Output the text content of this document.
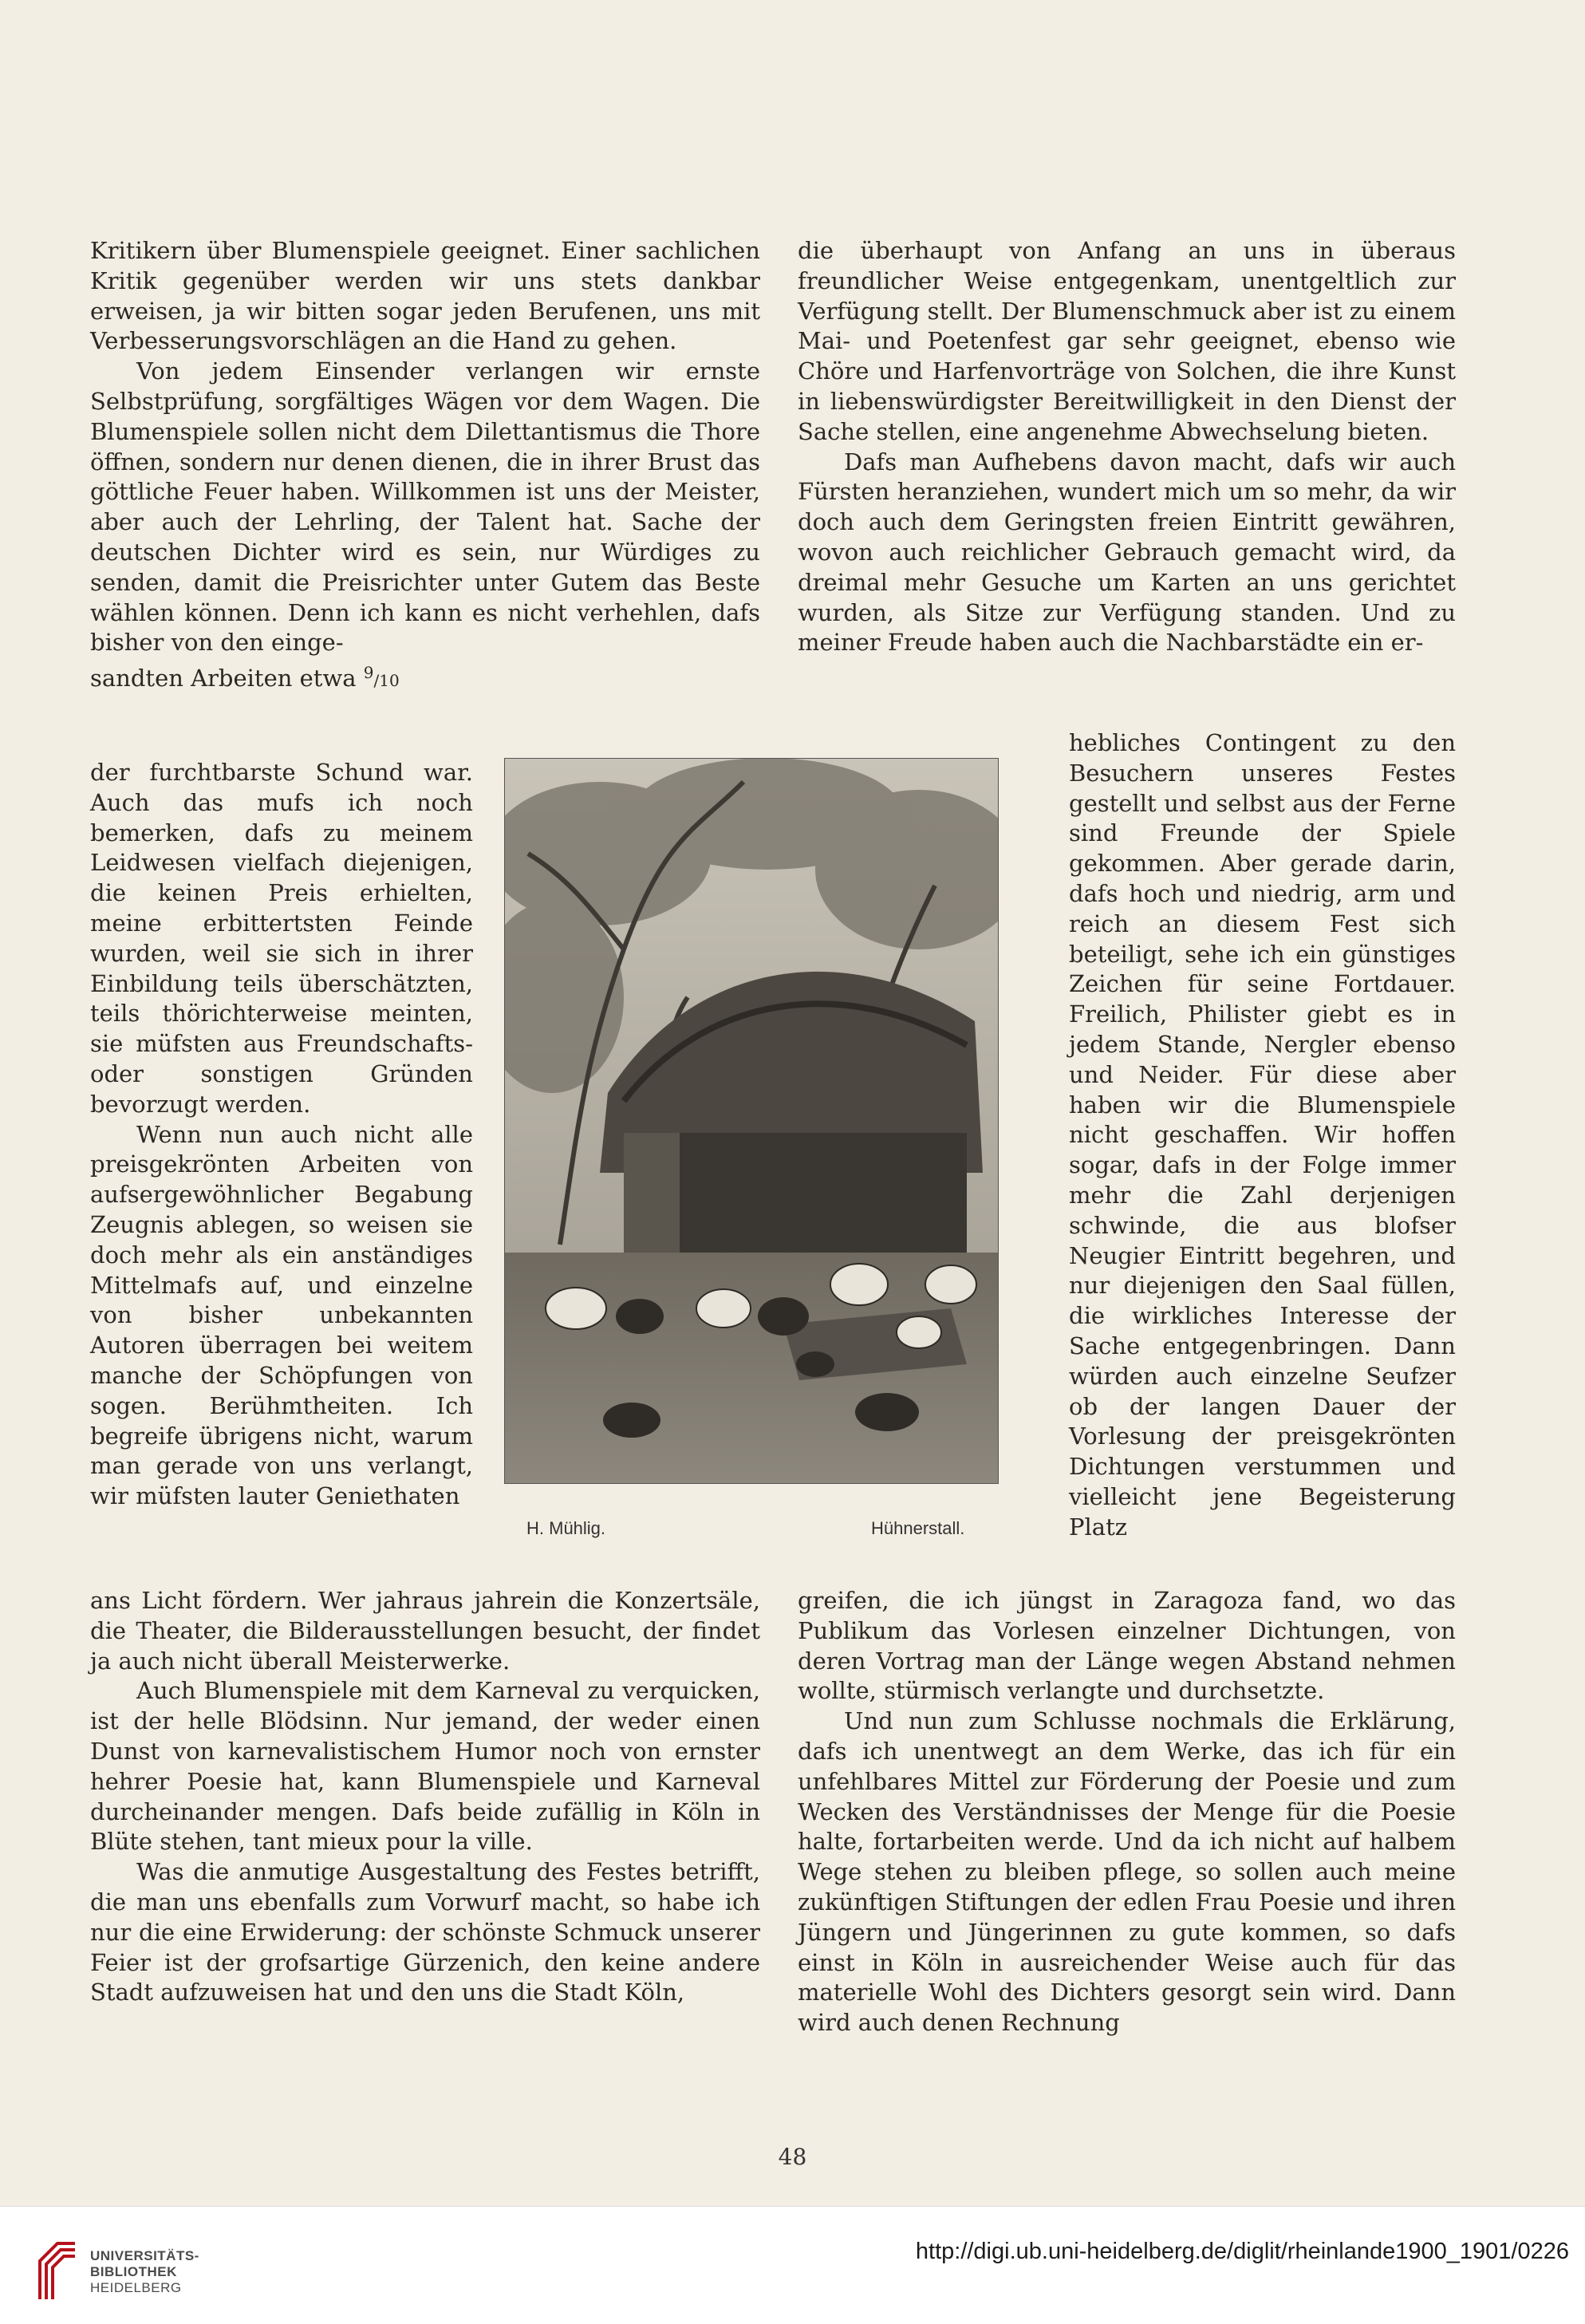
Kritikern über Blumenspiele geeignet. Einer sachlichen Kritik gegenüber werden wir uns stets dankbar erweisen, ja wir bitten sogar jeden Berufenen, uns mit Verbesserungsvorschlägen an die Hand zu gehen.

Von jedem Einsender verlangen wir ernste Selbstprüfung, sorgfältiges Wägen vor dem Wagen. Die Blumenspiele sollen nicht dem Dilettantismus die Thore öffnen, sondern nur denen dienen, die in ihrer Brust das göttliche Feuer haben. Willkommen ist uns der Meister, aber auch der Lehrling, der Talent hat. Sache der deutschen Dichter wird es sein, nur Würdiges zu senden, damit die Preisrichter unter Gutem das Beste wählen können. Denn ich kann es nicht verhehlen, dafs bisher von den einge-

sandten Arbeiten etwa $^9$/10

der furchtbarste Schund war. Auch das mufs ich noch bemerken, dafs zu meinem Leidwesen vielfach diejenigen, die keinen Preis erhielten, meine erbittertsten Feinde wurden, weil sie sich in ihrer Einbildung teils überschätzten, teils thörichterweise meinten, sie müfsten aus Freundschafts- oder sonstigen Gründen bevorzugt werden.

Wenn nun auch nicht alle preisgekrönten Arbeiten von aufsergewöhnlicher Begabung Zeugnis ablegen, so weisen sie doch mehr als ein anständiges Mittelmafs auf, und einzelne von bisher unbekannten Autoren überragen bei weitem manche der Schöpfungen von sogen. Berühmtheiten. Ich begreife übrigens nicht, warum man gerade von uns verlangt, wir müfsten lauter Geniethaten

ans Licht fördern. Wer jahraus jahrein die Konzertsäle, die Theater, die Bilderausstellungen besucht, der findet ja auch nicht überall Meisterwerke.

Auch Blumenspiele mit dem Karneval zu verquicken, ist der helle Blödsinn. Nur jemand, der weder einen Dunst von karnevalistischem Humor noch von ernster hehrer Poesie hat, kann Blumenspiele und Karneval durcheinander mengen. Dafs beide zufällig in Köln in Blüte stehen, tant mieux pour la ville.

Was die anmutige Ausgestaltung des Festes betrifft, die man uns ebenfalls zum Vorwurf macht, so habe ich nur die eine Erwiderung: der schönste Schmuck unserer Feier ist der grofsartige Gürzenich, den keine andere Stadt aufzuweisen hat und den uns die Stadt Köln,

die überhaupt von Anfang an uns in überaus freundlicher Weise entgegenkam, unentgeltlich zur Verfügung stellt. Der Blumenschmuck aber ist zu einem Mai- und Poetenfest gar sehr geeignet, ebenso wie Chöre und Harfenvorträge von Solchen, die ihre Kunst in liebenswürdigster Bereitwilligkeit in den Dienst der Sache stellen, eine angenehme Abwechselung bieten.

Dafs man Aufhebens davon macht, dafs wir auch Fürsten heranziehen, wundert mich um so mehr, da wir doch auch dem Geringsten freien Eintritt gewähren, wovon auch reichlicher Gebrauch gemacht wird, da dreimal mehr Gesuche um Karten an uns gerichtet wurden, als Sitze zur Verfügung standen. Und zu meiner Freude haben auch die Nachbarstädte ein er-

hebliches Contingent zu den Besuchern unseres Festes gestellt und selbst aus der Ferne sind Freunde der Spiele gekommen. Aber gerade darin, dafs hoch und niedrig, arm und reich an diesem Fest sich beteiligt, sehe ich ein günstiges Zeichen für seine Fortdauer. Freilich, Philister giebt es in jedem Stande, Nergler ebenso und Neider. Für diese aber haben wir die Blumenspiele nicht geschaffen. Wir hoffen sogar, dafs in der Folge immer mehr die Zahl derjenigen schwinde, die aus blofser Neugier Eintritt begehren, und nur diejenigen den Saal füllen, die wirkliches Interesse der Sache entgegenbringen. Dann würden auch einzelne Seufzer ob der langen Dauer der Vorlesung der preisgekrönten Dichtungen verstummen und vielleicht jene Begeisterung Platz

greifen, die ich jüngst in Zaragoza fand, wo das Publikum das Vorlesen einzelner Dichtungen, von deren Vortrag man der Länge wegen Abstand nehmen wollte, stürmisch verlangte und durchsetzte.

Und nun zum Schlusse nochmals die Erklärung, dafs ich unentwegt an dem Werke, das ich für ein unfehlbares Mittel zur Förderung der Poesie und zum Wecken des Verständnisses der Menge für die Poesie halte, fortarbeiten werde. Und da ich nicht auf halbem Wege stehen zu bleiben pflege, so sollen auch meine zukünftigen Stiftungen der edlen Frau Poesie und ihren Jüngern und Jüngerinnen zu gute kommen, so dafs einst in Köln in ausreichender Weise auch für das materielle Wohl des Dichters gesorgt sein wird. Dann wird auch denen Rechnung

H. Mühlig.	Hühnerstall.
48
UNIVERSITÄTS-
BIBLIOTHEK
HEIDELBERG
http://digi.ub.uni-heidelberg.de/diglit/rheinlande1900_1901/0226
